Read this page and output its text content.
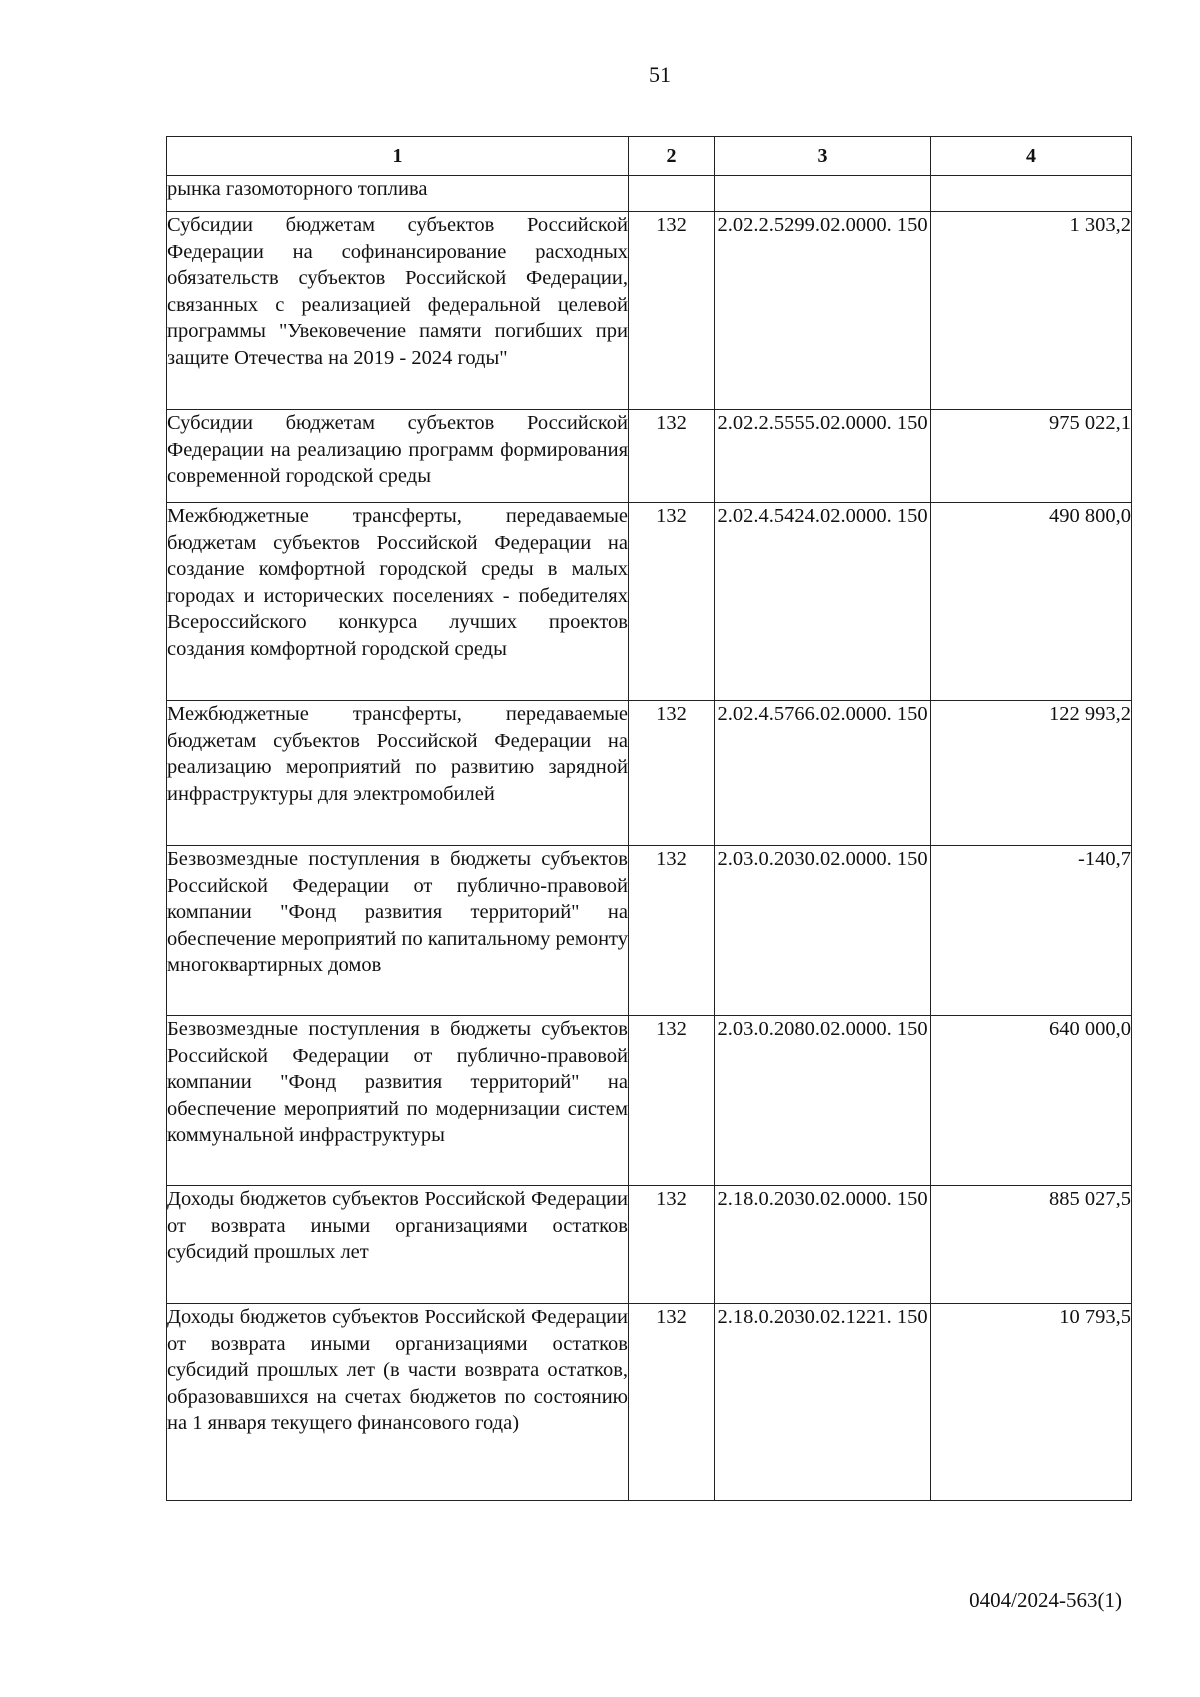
51
1	2	3	4
рынка газомоторного топлива			
Субсидии бюджетам субъектов Российской Федерации на софинансирование расходных обязательств субъектов Российской Федерации, связанных с реализацией федеральной целевой программы "Увековечение памяти погибших при защите Отечества на 2019 - 2024 годы"	132	2.02.2.5299.02.0000. 150	1 303,2
Субсидии бюджетам субъектов Российской Федерации на реализацию программ формирования современной городской среды	132	2.02.2.5555.02.0000. 150	975 022,1
Межбюджетные трансферты, передаваемые бюджетам субъектов Российской Федерации на создание комфортной городской среды в малых городах и исторических поселениях - победителях Всероссийского конкурса лучших проектов создания комфортной городской среды	132	2.02.4.5424.02.0000. 150	490 800,0
Межбюджетные трансферты, передаваемые бюджетам субъектов Российской Федерации на реализацию мероприятий по развитию зарядной инфраструктуры для электромобилей	132	2.02.4.5766.02.0000. 150	122 993,2
Безвозмездные поступления в бюджеты субъектов Российской Федерации от публично-правовой компании "Фонд развития территорий" на обеспечение мероприятий по капитальному ремонту многоквартирных домов	132	2.03.0.2030.02.0000. 150	-140,7
Безвозмездные поступления в бюджеты субъектов Российской Федерации от публично-правовой компании "Фонд развития территорий" на обеспечение мероприятий по модернизации систем коммунальной инфраструктуры	132	2.03.0.2080.02.0000. 150	640 000,0
Доходы бюджетов субъектов Российской Федерации от возврата иными организациями остатков субсидий прошлых лет	132	2.18.0.2030.02.0000. 150	885 027,5
Доходы бюджетов субъектов Российской Федерации от возврата иными организациями остатков субсидий прошлых лет (в части возврата остатков, образовавшихся на счетах бюджетов по состоянию на 1 января текущего финансового года)	132	2.18.0.2030.02.1221. 150	10 793,5
0404/2024-563(1)
